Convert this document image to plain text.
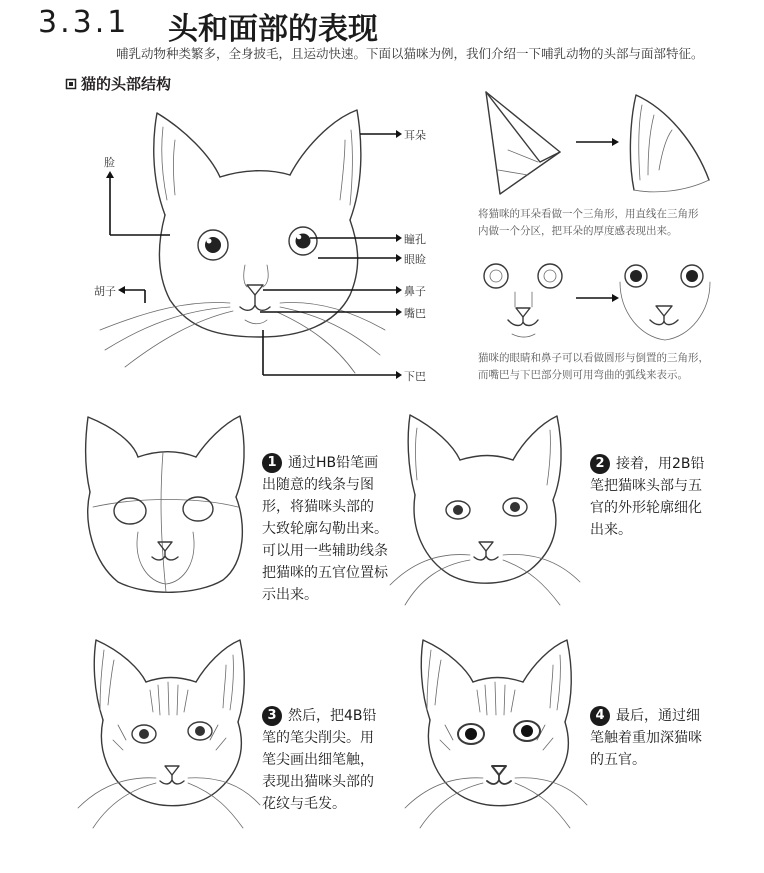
3.3.1 头和面部的表现
哺乳动物种类繁多，全身披毛，且运动快速。下面以猫咪为例，我们介绍一下哺乳动物的头部与面部特征。
猫的头部结构
耳朵
脸
瞳孔
眼睑
胡子	鼻子
嘴巴
下巴
将猫咪的耳朵看做一个三角形，用直线在三角形
内做一个分区，把耳朵的厚度感表现出来。
猫咪的眼睛和鼻子可以看做圆形与倒置的三角形，
而嘴巴与下巴部分则可用弯曲的弧线来表示。
1 通过HB铅笔画
出随意的线条与图
形，将猫咪头部的
大致轮廓勾勒出来。
可以用一些辅助线条
把猫咪的五官位置标
示出来。
2 接着，用2B铅
笔把猫咪头部与五
官的外形轮廓细化
出来。
3 然后，把4B铅
笔的笔尖削尖。用
笔尖画出细笔触，
表现出猫咪头部的
花纹与毛发。
4 最后，通过细
笔触着重加深猫咪
的五官。
